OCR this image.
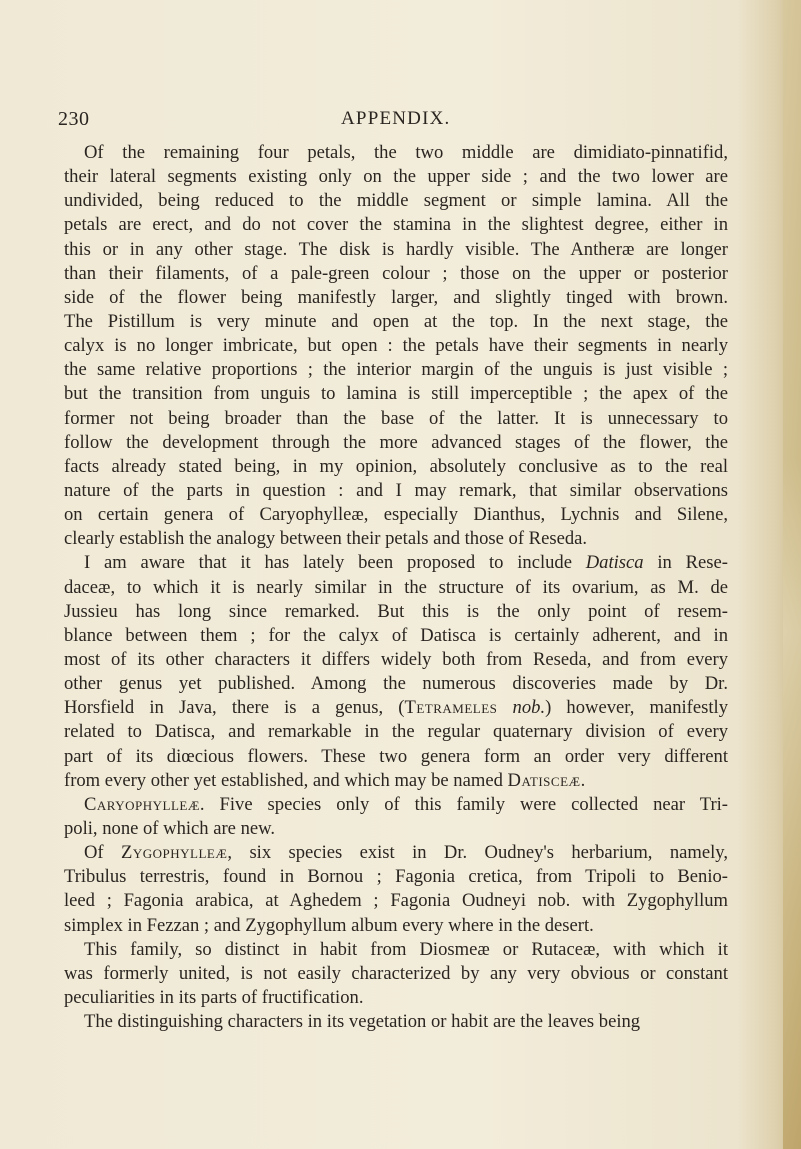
230	APPENDIX.
Of the remaining four petals, the two middle are dimidiato-pinnatifid,
their lateral segments existing only on the upper side ; and the two lower are
undivided, being reduced to the middle segment or simple lamina. All the
petals are erect, and do not cover the stamina in the slightest degree, either in
this or in any other stage. The disk is hardly visible. The Antheræ are longer
than their filaments, of a pale-green colour ; those on the upper or posterior
side of the flower being manifestly larger, and slightly tinged with brown.
The Pistillum is very minute and open at the top. In the next stage, the
calyx is no longer imbricate, but open : the petals have their segments in nearly
the same relative proportions ; the interior margin of the unguis is just visible ;
but the transition from unguis to lamina is still imperceptible ; the apex of the
former not being broader than the base of the latter. It is unnecessary to
follow the development through the more advanced stages of the flower, the
facts already stated being, in my opinion, absolutely conclusive as to the real
nature of the parts in question : and I may remark, that similar observations
on certain genera of Caryophylleæ, especially Dianthus, Lychnis and Silene,
clearly establish the analogy between their petals and those of Reseda.
I am aware that it has lately been proposed to include Datisca in Rese-
daceæ, to which it is nearly similar in the structure of its ovarium, as M. de
Jussieu has long since remarked. But this is the only point of resem-
blance between them ; for the calyx of Datisca is certainly adherent, and in
most of its other characters it differs widely both from Reseda, and from every
other genus yet published. Among the numerous discoveries made by Dr.
Horsfield in Java, there is a genus, (Tetrameles nob.) however, manifestly
related to Datisca, and remarkable in the regular quaternary division of every
part of its diœcious flowers. These two genera form an order very different
from every other yet established, and which may be named Datisceæ.
Caryophylleæ. Five species only of this family were collected near Tri-
poli, none of which are new.
Of Zygophylleæ, six species exist in Dr. Oudney's herbarium, namely,
Tribulus terrestris, found in Bornou ; Fagonia cretica, from Tripoli to Benio-
leed ; Fagonia arabica, at Aghedem ; Fagonia Oudneyi nob. with Zygophyllum
simplex in Fezzan ; and Zygophyllum album every where in the desert.
This family, so distinct in habit from Diosmeæ or Rutaceæ, with which it
was formerly united, is not easily characterized by any very obvious or constant
peculiarities in its parts of fructification.
The distinguishing characters in its vegetation or habit are the leaves being
